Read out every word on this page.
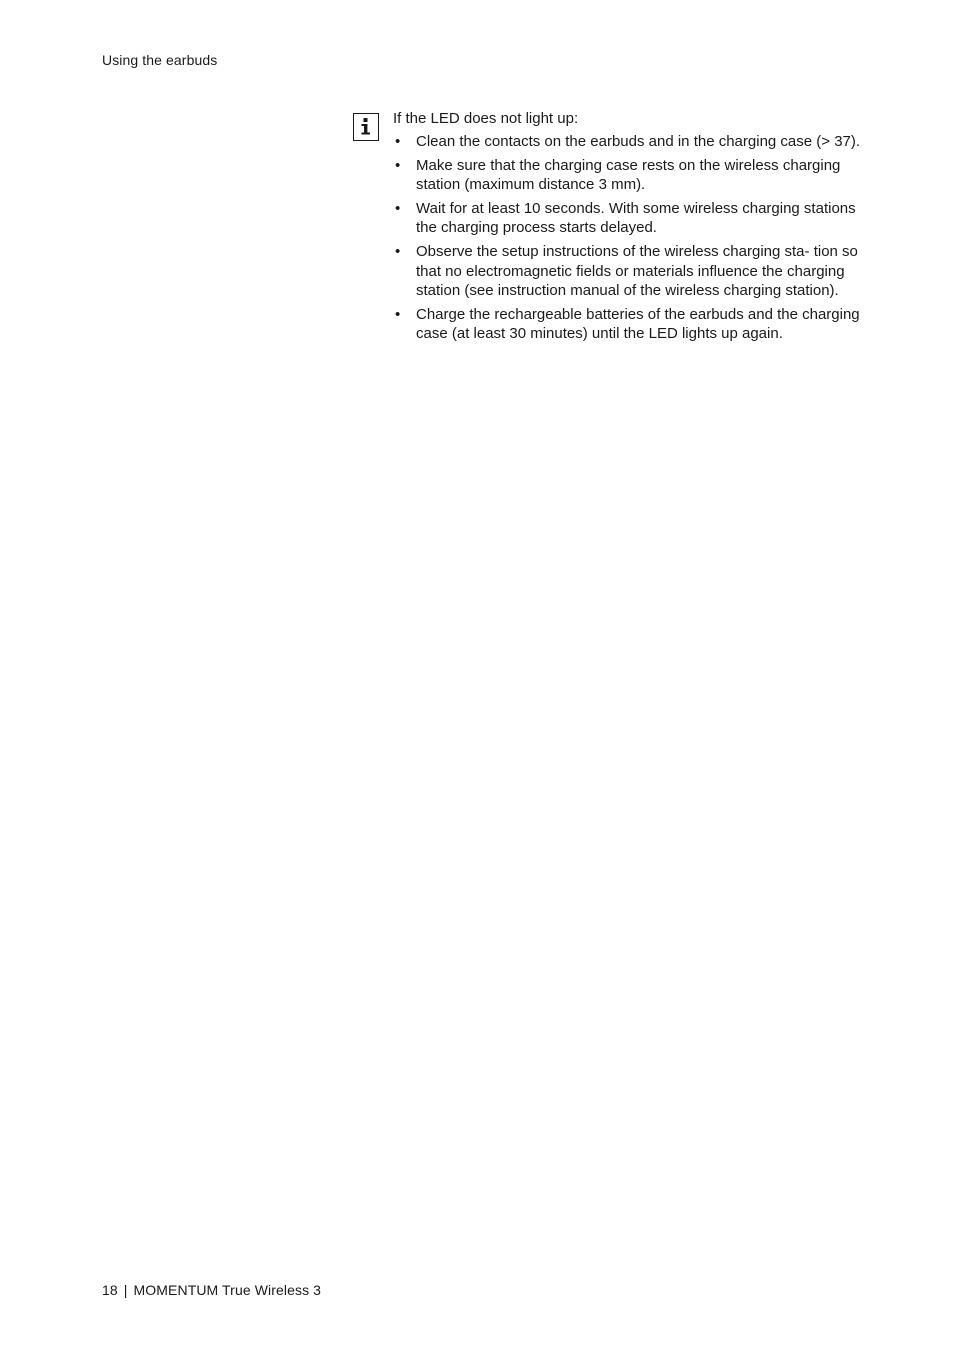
Using the earbuds

If the LED does not light up:

• Clean the contacts on the earbuds and in the charging case (> 37).
• Make sure that the charging case rests on the wireless charging station (maximum distance 3 mm).
• Wait for at least 10 seconds. With some wireless charging stations the charging process starts delayed.
• Observe the setup instructions of the wireless charging sta- tion so that no electromagnetic fields or materials influence the charging station (see instruction manual of the wireless charging station).
• Charge the rechargeable batteries of the earbuds and the charging case (at least 30 minutes) until the LED lights up again.
18 | MOMENTUM True Wireless 3
